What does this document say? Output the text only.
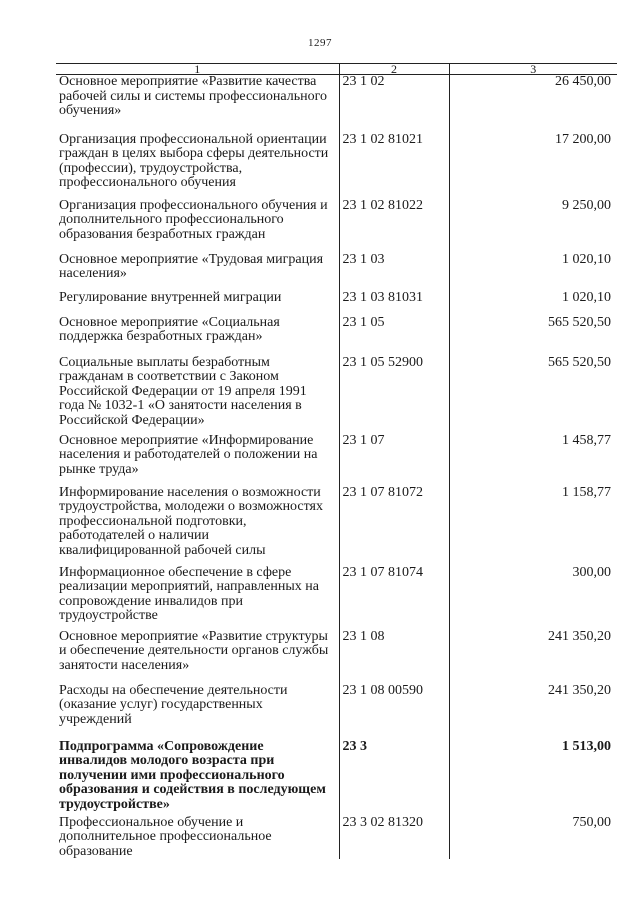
1297
1	2	3
Основное мероприятие «Развитие качества рабочей силы и системы профессионального обучения»	23 1 02	26 450,00
Организация профессиональной ориентации граждан в целях выбора сферы деятельности (профессии), трудоустройства, профессионального обучения	23 1 02 81021	17 200,00
Организация профессионального обучения и дополнительного профессионального образования безработных граждан	23 1 02 81022	9 250,00
Основное мероприятие «Трудовая миграция населения»	23 1 03	1 020,10
Регулирование внутренней миграции	23 1 03 81031	1 020,10
Основное мероприятие «Социальная поддержка безработных граждан»	23 1 05	565 520,50
Социальные выплаты безработным гражданам в соответствии с Законом Российской Федерации от 19 апреля 1991 года № 1032-1 «О занятости населения в Российской Федерации»	23 1 05 52900	565 520,50
Основное мероприятие «Информирование населения и работодателей о положении на рынке труда»	23 1 07	1 458,77
Информирование населения о возможности трудоустройства, молодежи о возможностях профессиональной подготовки, работодателей о наличии квалифицированной рабочей силы	23 1 07 81072	1 158,77
Информационное обеспечение в сфере реализации мероприятий, направленных на сопровождение инвалидов при трудоустройстве	23 1 07 81074	300,00
Основное мероприятие «Развитие структуры и обеспечение деятельности органов службы занятости населения»	23 1 08	241 350,20
Расходы на обеспечение деятельности (оказание услуг) государственных учреждений	23 1 08 00590	241 350,20
Подпрограмма «Сопровождение инвалидов молодого возраста при получении ими профессионального образования и содействия в последующем трудоустройстве»	23 3	1 513,00
Профессиональное обучение и дополнительное профессиональное образование	23 3 02 81320	750,00
